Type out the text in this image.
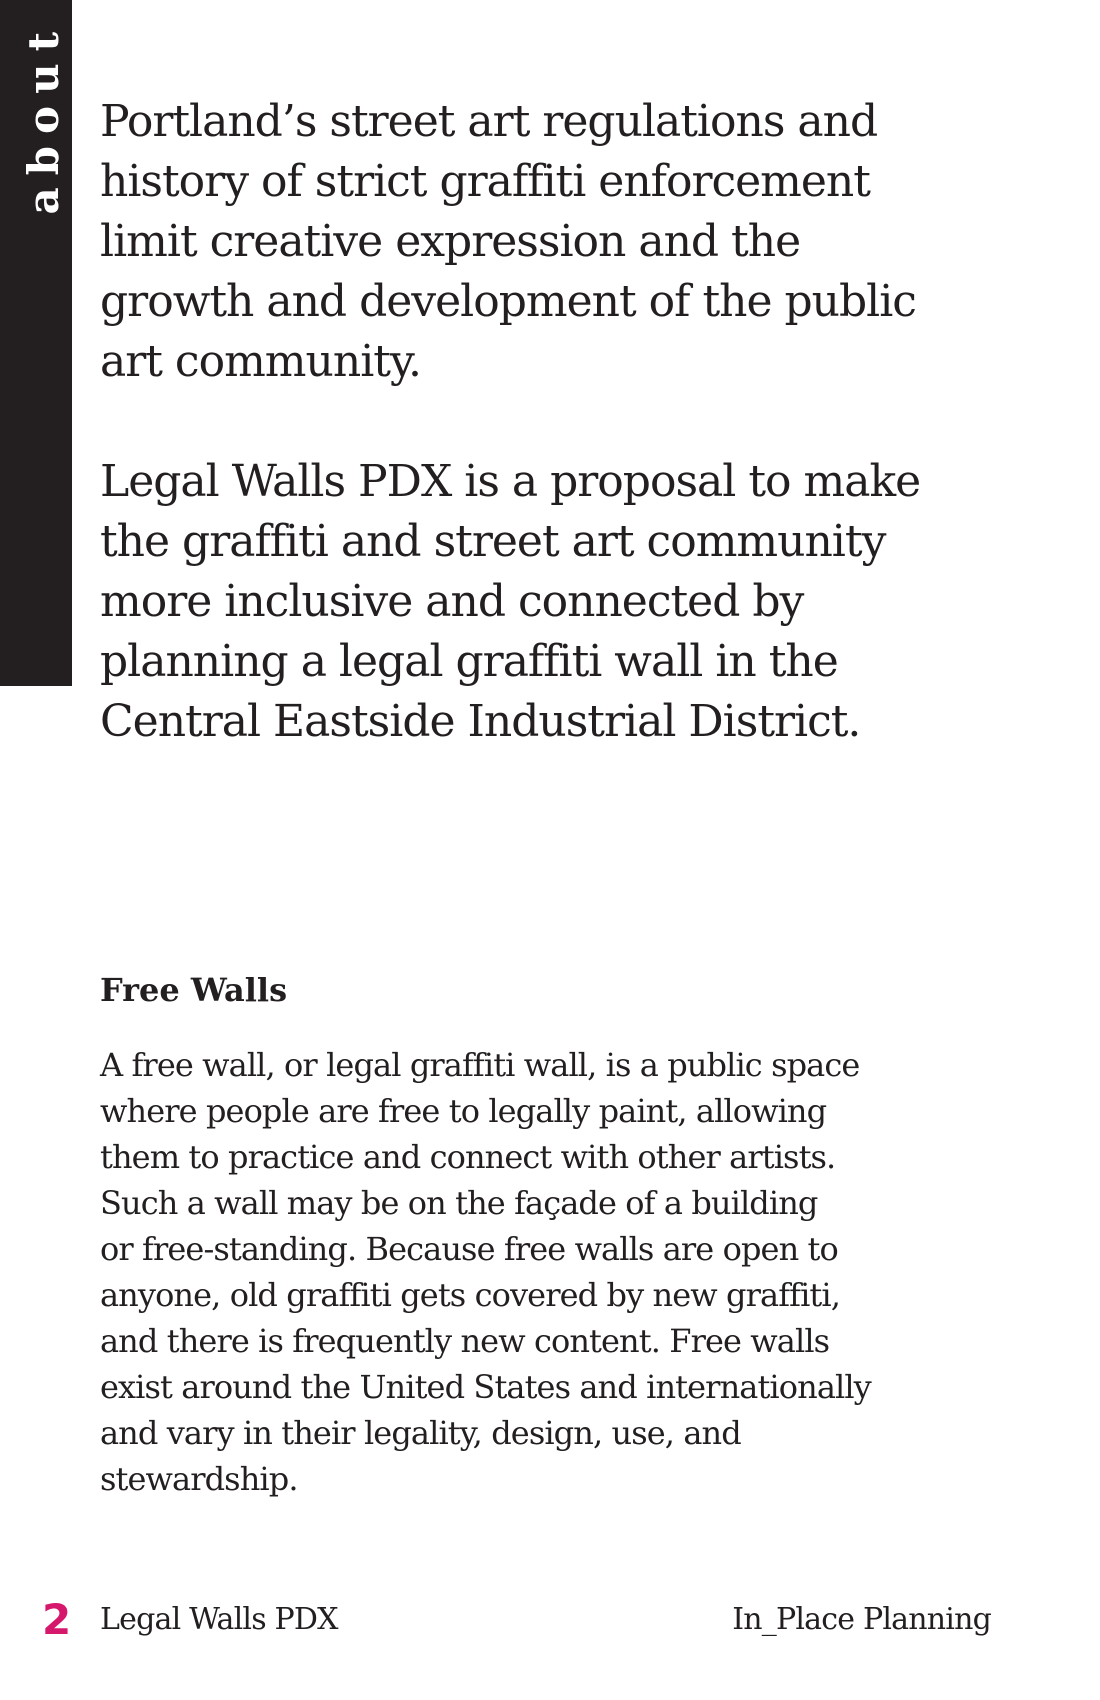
about Portland’s street art regulations and
history of strict graffiti enforcement
limit creative expression and the
growth and development of the public
art community.

Legal Walls PDX is a proposal to make
the graffiti and street art community
more inclusive and connected by
planning a legal graffiti wall in the
Central Eastside Industrial District.

Free Walls

A free wall, or legal graffiti wall, is a public space
where people are free to legally paint, allowing
them to practice and connect with other artists.
Such a wall may be on the façade of a building
or free-standing. Because free walls are open to
anyone, old graffiti gets covered by new graffiti,
and there is frequently new content. Free walls
exist around the United States and internationally
and vary in their legality, design, use, and
stewardship.

2 Legal Walls PDX	In_Place Planning
